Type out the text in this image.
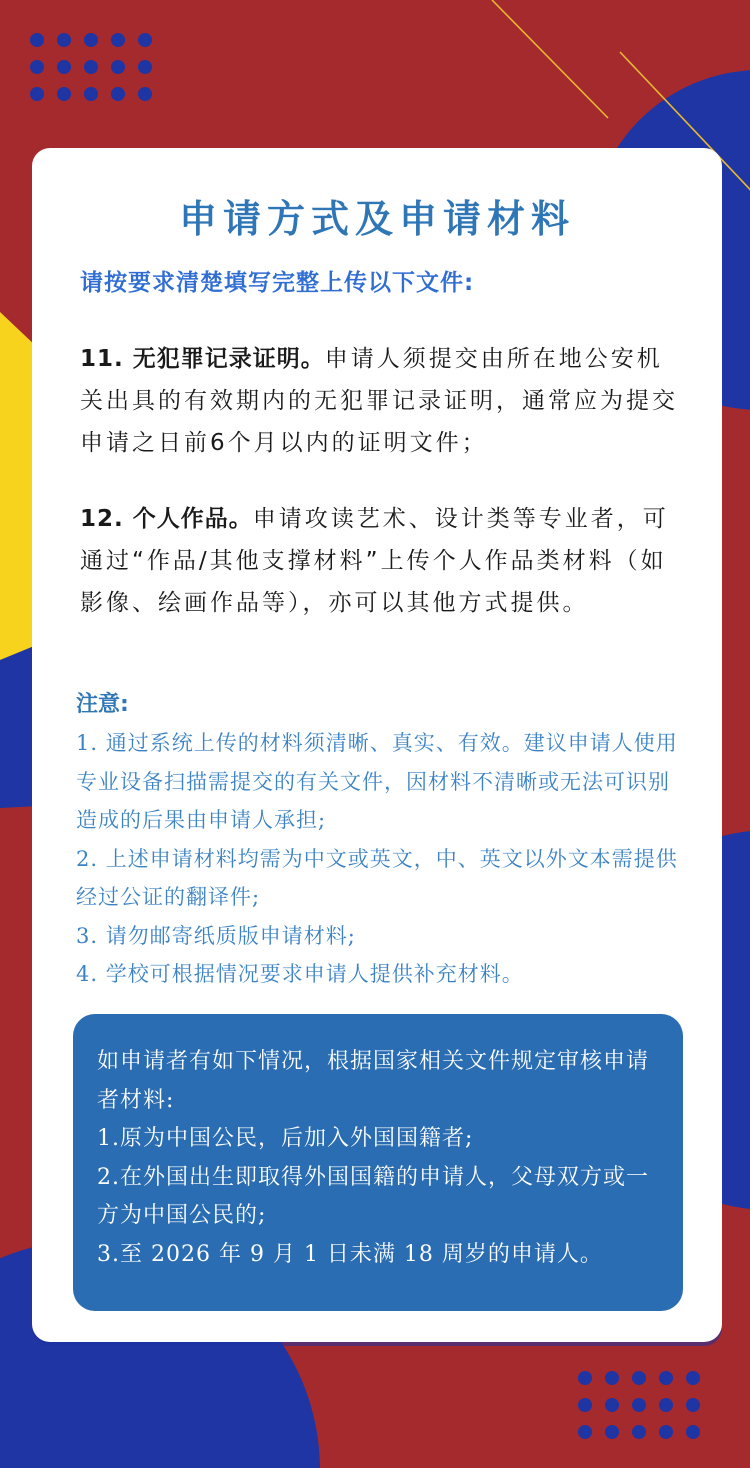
申请方式及申请材料
请按要求清楚填写完整上传以下文件:
11. 无犯罪记录证明。申请人须提交由所在地公安机关出具的有效期内的无犯罪记录证明，通常应为提交申请之日前6个月以内的证明文件；
12. 个人作品。申请攻读艺术、设计类等专业者，可通过“作品/其他支撑材料”上传个人作品类材料（如影像、绘画作品等），亦可以其他方式提供。
注意:
1. 通过系统上传的材料须清晰、真实、有效。建议申请人使用专业设备扫描需提交的有关文件，因材料不清晰或无法可识别造成的后果由申请人承担;
2. 上述申请材料均需为中文或英文，中、英文以外文本需提供经过公证的翻译件;
3. 请勿邮寄纸质版申请材料;
4. 学校可根据情况要求申请人提供补充材料。
如申请者有如下情况，根据国家相关文件规定审核申请者材料:
1.原为中国公民，后加入外国国籍者;
2.在外国出生即取得外国国籍的申请人，父母双方或一方为中国公民的;
3.至 2026 年 9 月 1 日未满 18 周岁的申请人。
